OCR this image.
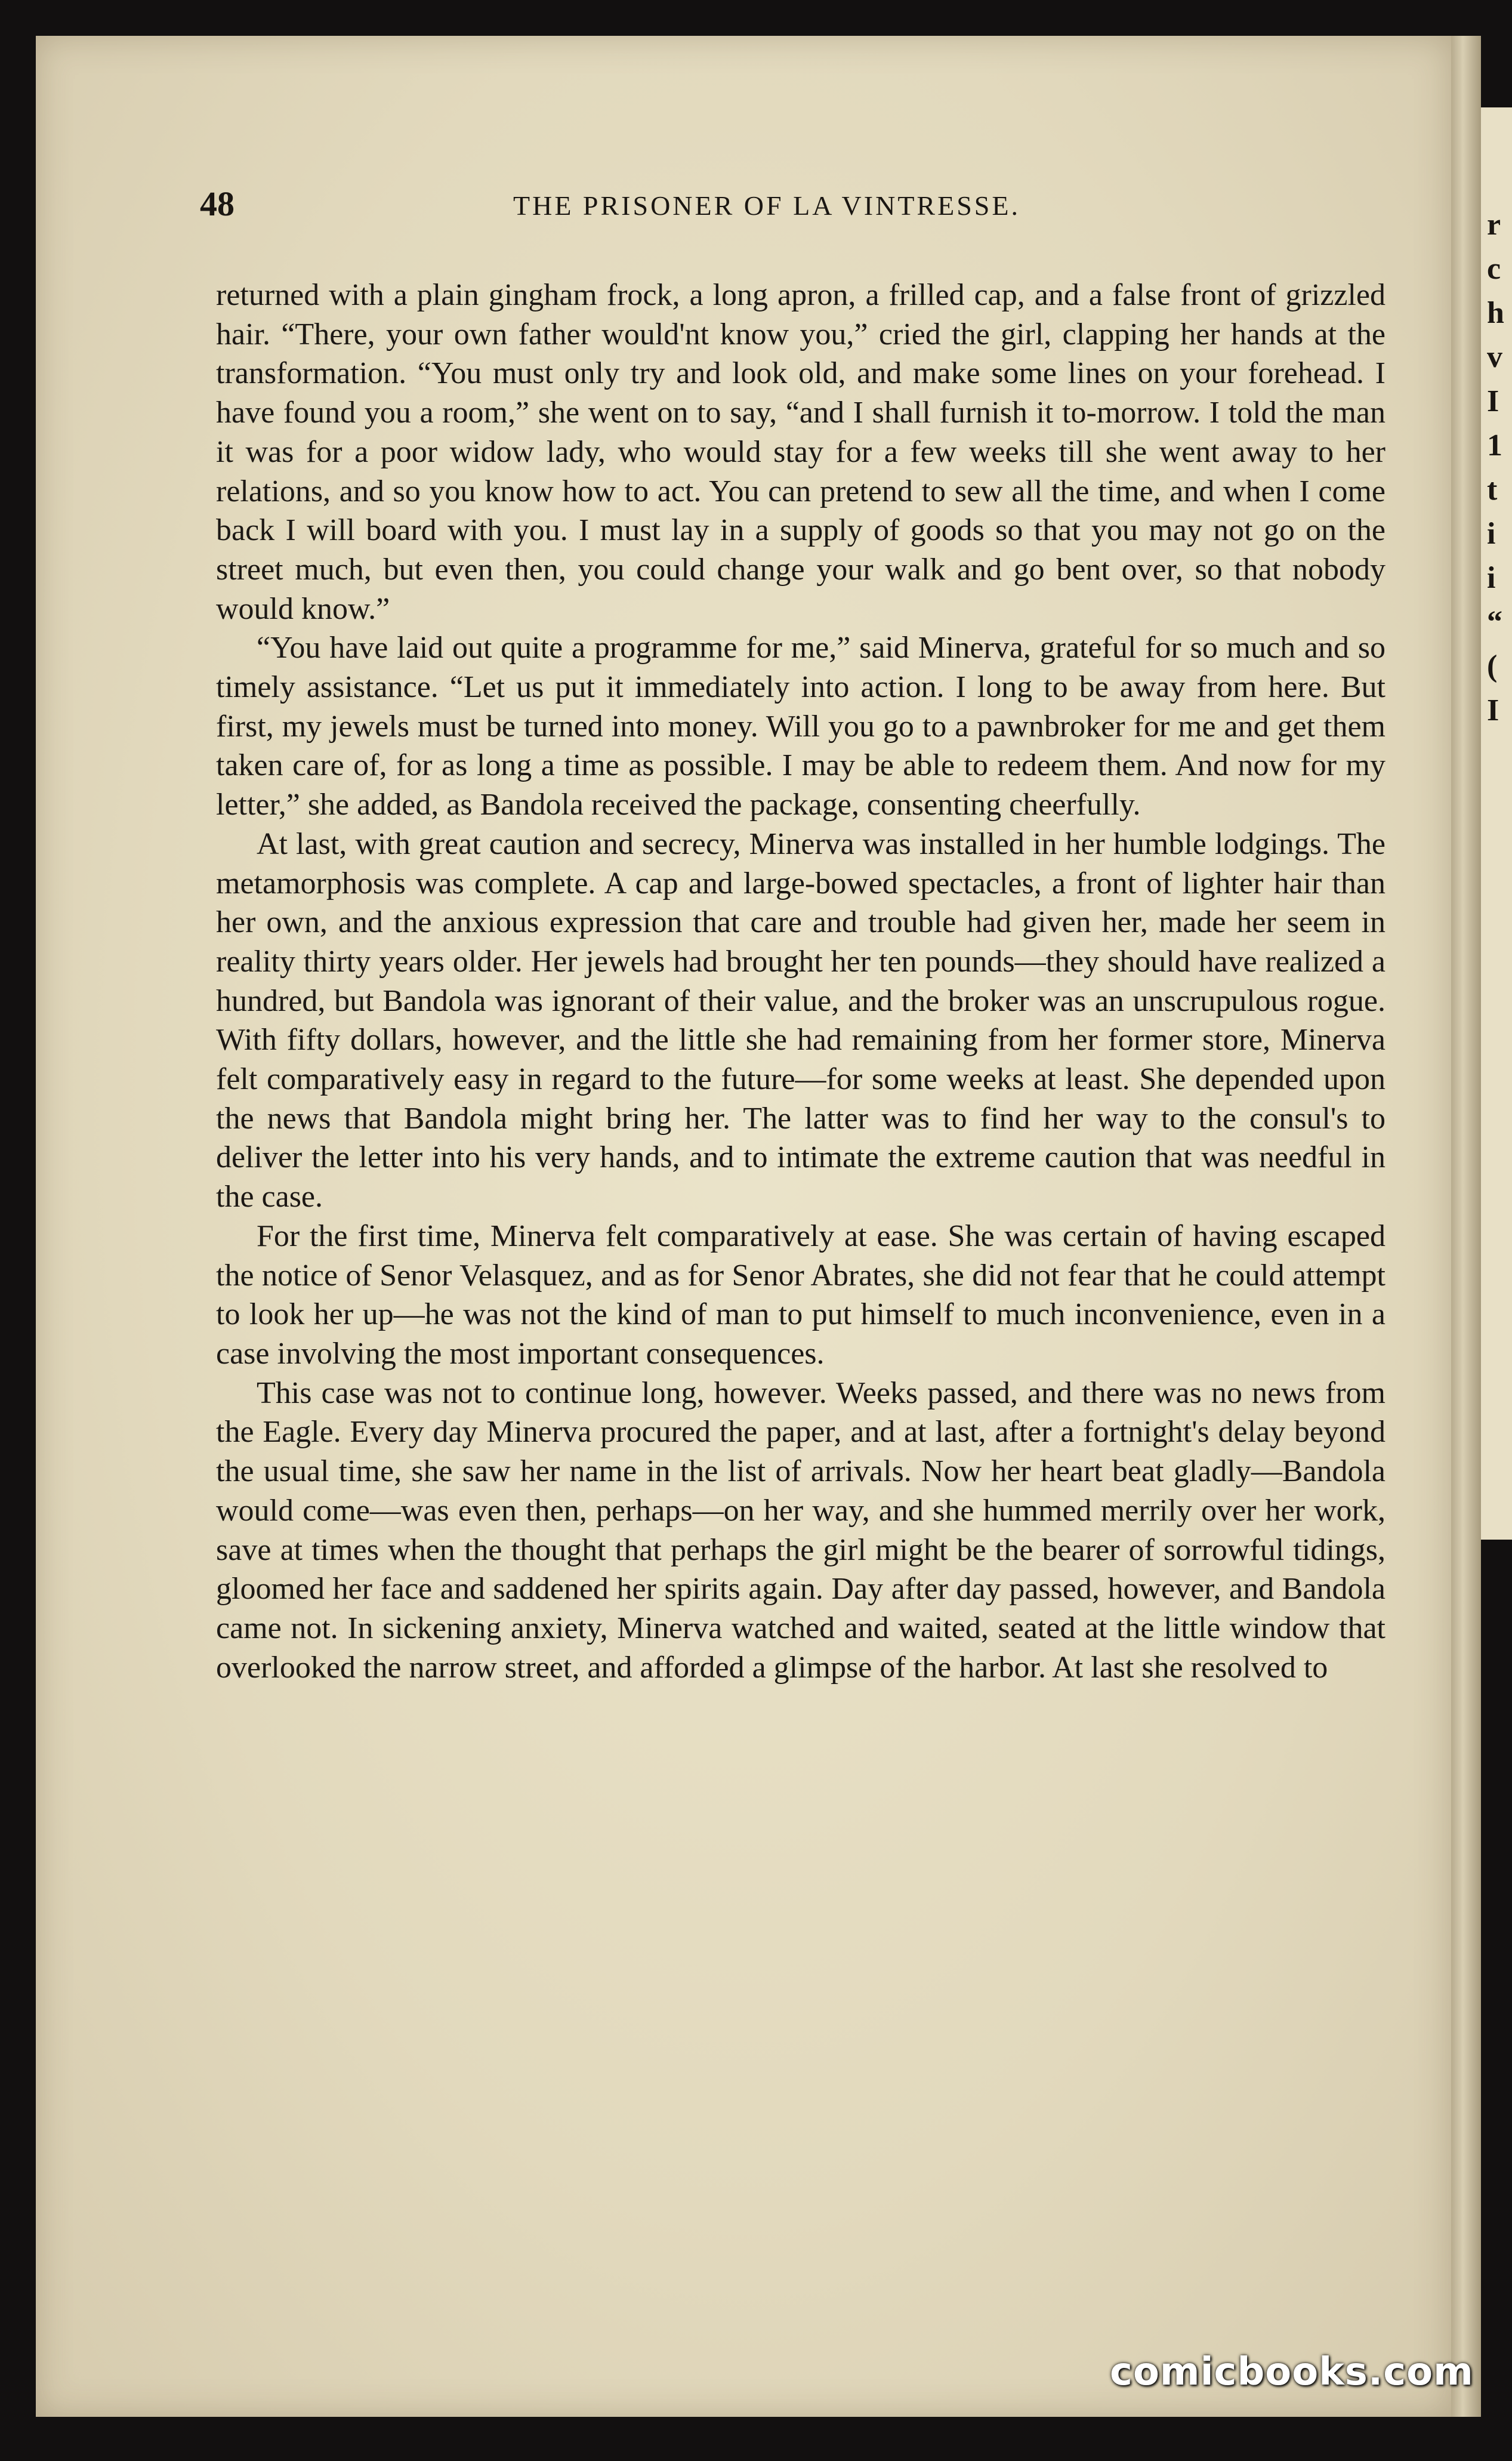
r
c
h
v
I
1
t
i
i
“
(
I
48	THE PRISONER OF LA VINTRESSE.

returned with a plain gingham frock, a long apron, a frilled cap, and a false front of grizzled hair. “There, your own father would'nt know you,” cried the girl, clapping her hands at the transformation. “You must only try and look old, and make some lines on your forehead. I have found you a room,” she went on to say, “and I shall furnish it to-morrow. I told the man it was for a poor widow lady, who would stay for a few weeks till she went away to her relations, and so you know how to act. You can pretend to sew all the time, and when I come back I will board with you. I must lay in a supply of goods so that you may not go on the street much, but even then, you could change your walk and go bent over, so that nobody would know.”

“You have laid out quite a programme for me,” said Minerva, grateful for so much and so timely assistance. “Let us put it immediately into action. I long to be away from here. But first, my jewels must be turned into money. Will you go to a pawnbroker for me and get them taken care of, for as long a time as possible. I may be able to redeem them. And now for my letter,” she added, as Bandola received the package, consenting cheerfully.

At last, with great caution and secrecy, Minerva was installed in her humble lodgings. The metamorphosis was complete. A cap and large-bowed spectacles, a front of lighter hair than her own, and the anxious expression that care and trouble had given her, made her seem in reality thirty years older. Her jewels had brought her ten pounds—they should have realized a hundred, but Bandola was ignorant of their value, and the broker was an unscrupulous rogue. With fifty dollars, however, and the little she had remaining from her former store, Minerva felt comparatively easy in regard to the future—for some weeks at least. She depended upon the news that Bandola might bring her. The latter was to find her way to the consul's to deliver the letter into his very hands, and to intimate the extreme caution that was needful in the case.

For the first time, Minerva felt comparatively at ease. She was certain of having escaped the notice of Senor Velasquez, and as for Senor Abrates, she did not fear that he could attempt to look her up—he was not the kind of man to put himself to much inconvenience, even in a case involving the most important consequences.

This case was not to continue long, however. Weeks passed, and there was no news from the Eagle. Every day Minerva procured the paper, and at last, after a fortnight's delay beyond the usual time, she saw her name in the list of arrivals. Now her heart beat gladly—Bandola would come—was even then, perhaps—on her way, and she hummed merrily over her work, save at times when the thought that perhaps the girl might be the bearer of sorrowful tidings, gloomed her face and saddened her spirits again. Day after day passed, however, and Bandola came not. In sickening anxiety, Minerva watched and waited, seated at the little window that overlooked the narrow street, and afforded a glimpse of the harbor. At last she resolved to

comicbooks.com
